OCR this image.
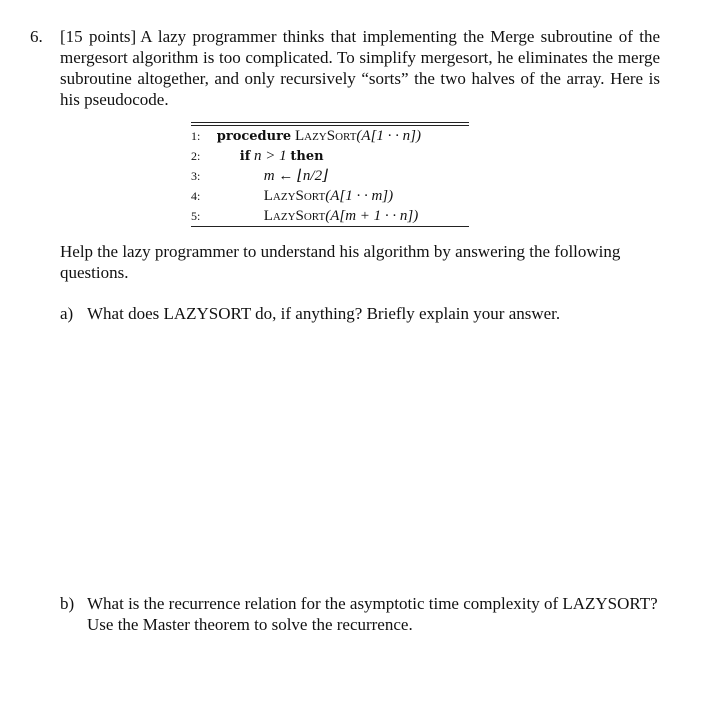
6. [15 points] A lazy programmer thinks that implementing the Merge subroutine of the mergesort algorithm is too complicated. To simplify mergesort, he eliminates the merge subroutine altogether, and only recursively “sorts” the two halves of the array. Here is his pseudocode.
1: procedure LazySort(A[1 · · n])
2:	if n > 1 then
3:	m ← ⌊n/2⌋
4:	LazySort(A[1 · · m])
5:	LazySort(A[m + 1 · · n])
Help the lazy programmer to understand his algorithm by answering the following questions.
a) What does LAZYSORT do, if anything? Briefly explain your answer.
b) What is the recurrence relation for the asymptotic time complexity of LAZYSORT? Use the Master theorem to solve the recurrence.
